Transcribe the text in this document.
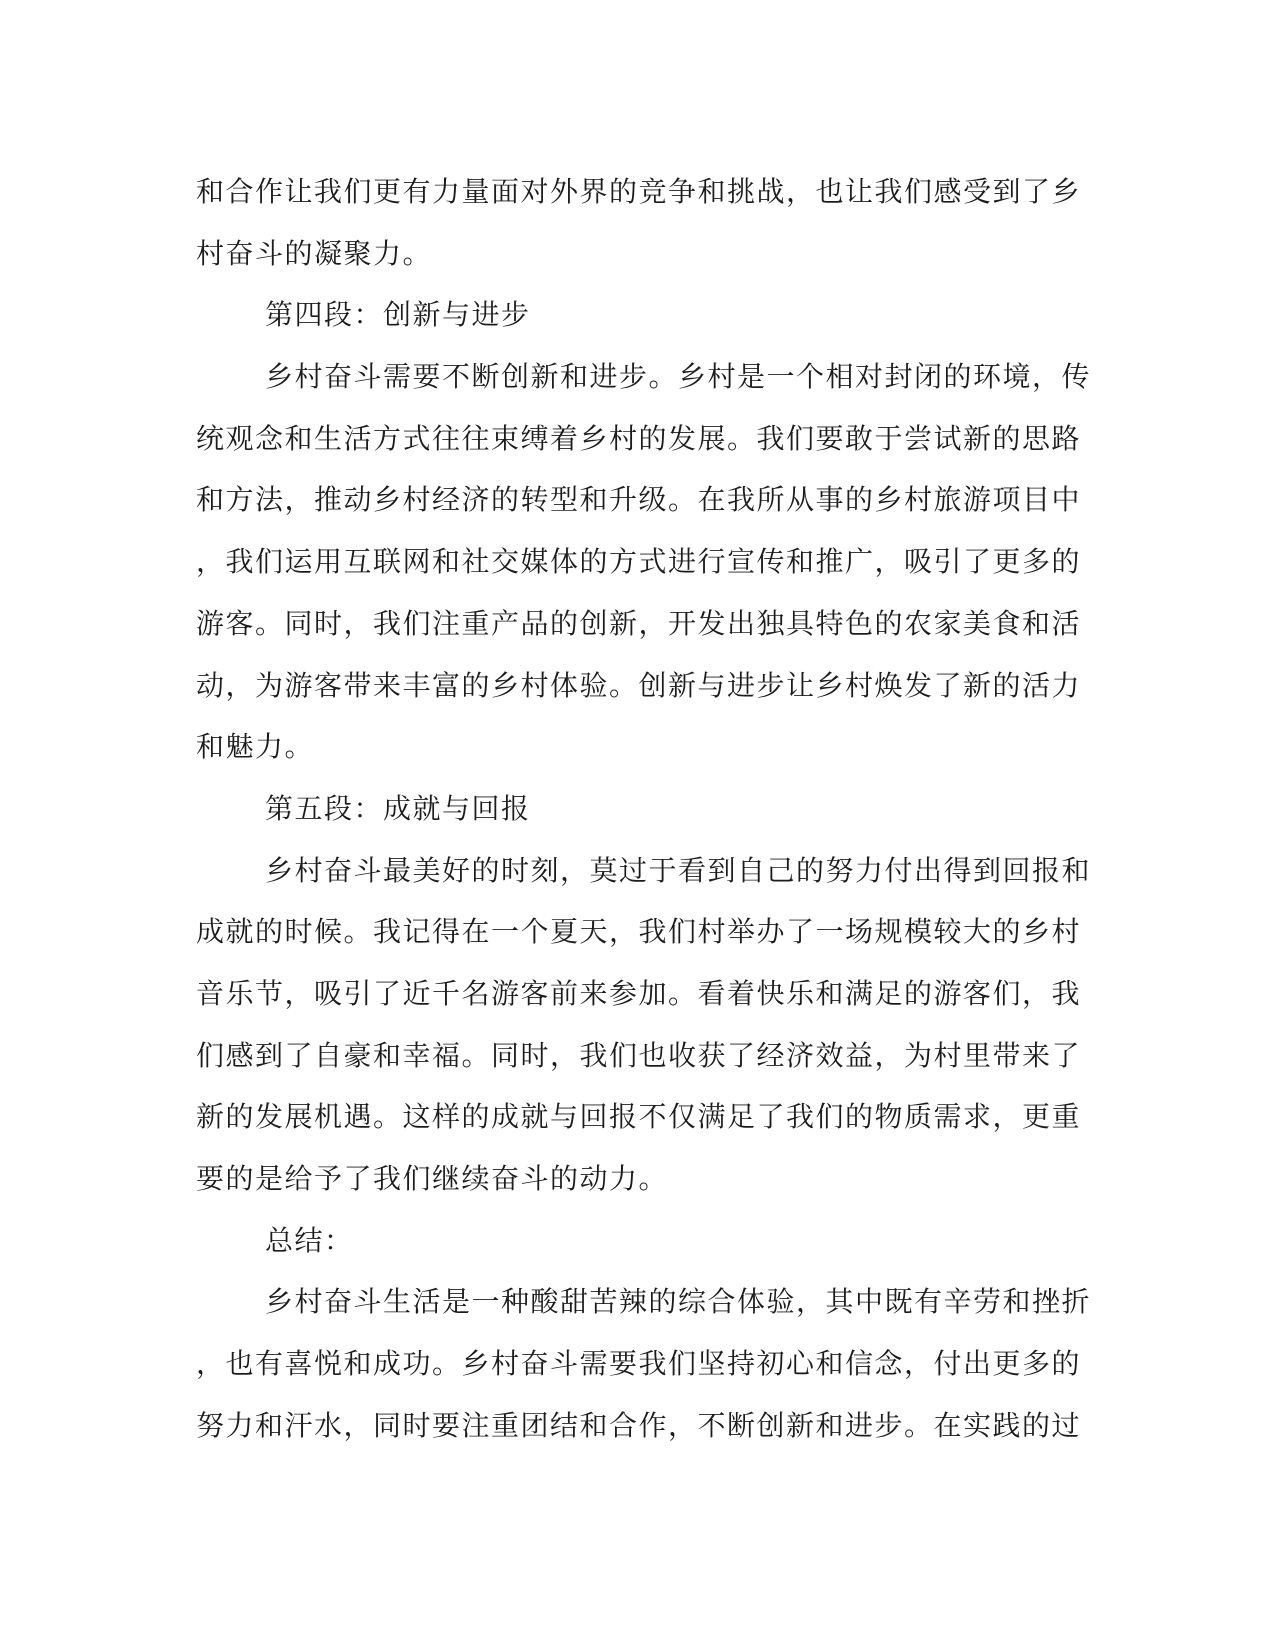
和合作让我们更有力量面对外界的竞争和挑战，也让我们感受到了乡
村奋斗的凝聚力。
第四段：创新与进步
乡村奋斗需要不断创新和进步。乡村是一个相对封闭的环境，传
统观念和生活方式往往束缚着乡村的发展。我们要敢于尝试新的思路
和方法，推动乡村经济的转型和升级。在我所从事的乡村旅游项目中
，我们运用互联网和社交媒体的方式进行宣传和推广，吸引了更多的
游客。同时，我们注重产品的创新，开发出独具特色的农家美食和活
动，为游客带来丰富的乡村体验。创新与进步让乡村焕发了新的活力
和魅力。
第五段：成就与回报
乡村奋斗最美好的时刻，莫过于看到自己的努力付出得到回报和
成就的时候。我记得在一个夏天，我们村举办了一场规模较大的乡村
音乐节，吸引了近千名游客前来参加。看着快乐和满足的游客们，我
们感到了自豪和幸福。同时，我们也收获了经济效益，为村里带来了
新的发展机遇。这样的成就与回报不仅满足了我们的物质需求，更重
要的是给予了我们继续奋斗的动力。
总结：
乡村奋斗生活是一种酸甜苦辣的综合体验，其中既有辛劳和挫折
，也有喜悦和成功。乡村奋斗需要我们坚持初心和信念，付出更多的
努力和汗水，同时要注重团结和合作，不断创新和进步。在实践的过
